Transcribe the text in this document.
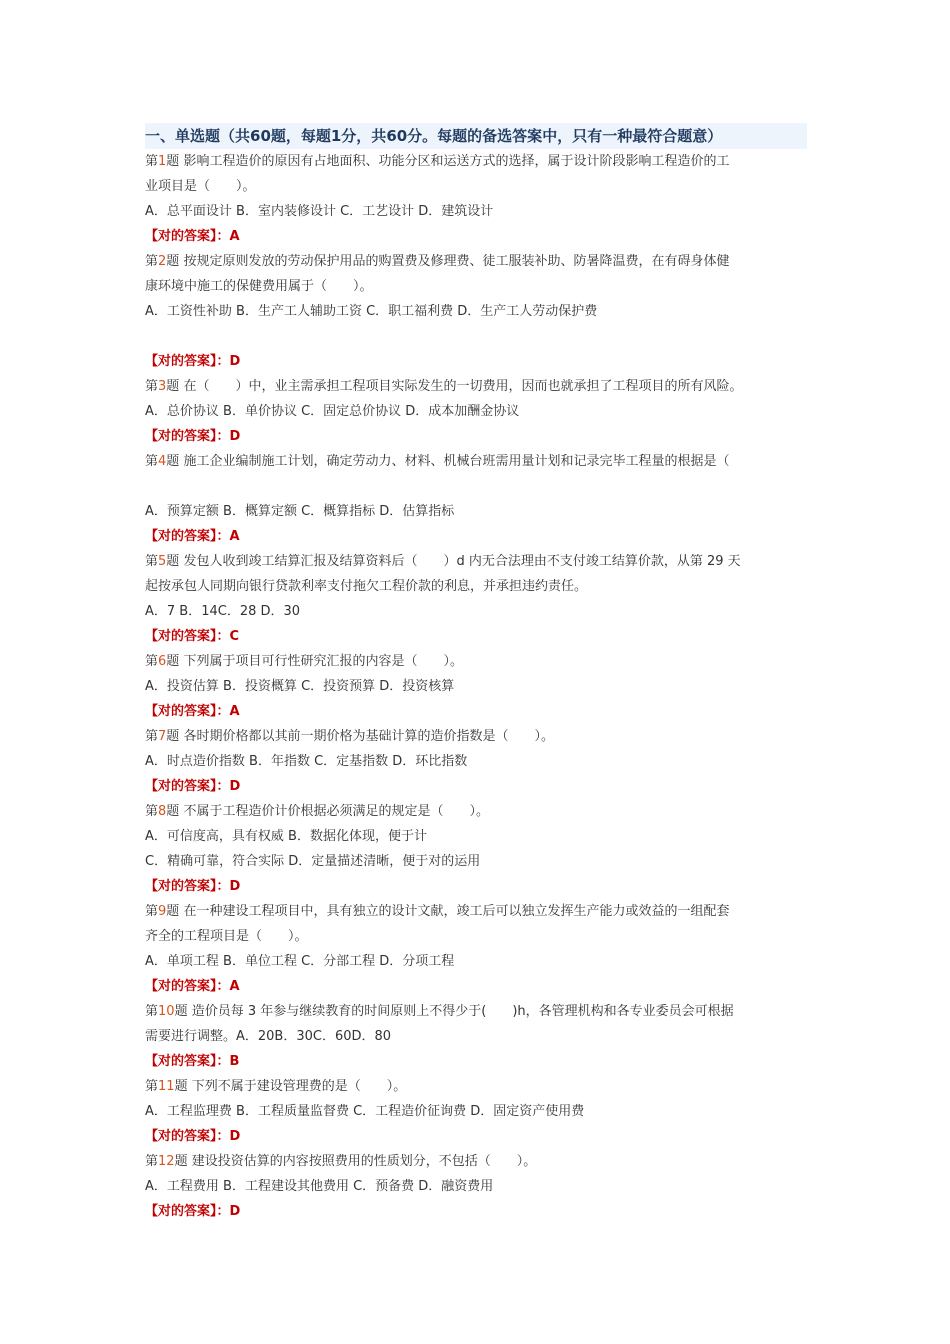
一、单选题（共60题，每题1分，共60分。每题的备选答案中，只有一种最符合题意）
第1题 影响工程造价的原因有占地面积、功能分区和运送方式的选择，属于设计阶段影响工程造价的工
业项目是（　　）。
A．总平面设计 B．室内装修设计 C．工艺设计 D．建筑设计
【对的答案】：A
第2题 按规定原则发放的劳动保护用品的购置费及修理费、徒工服装补助、防暑降温费，在有碍身体健
康环境中施工的保健费用属于（　　）。
A．工资性补助 B．生产工人辅助工资 C．职工福利费 D．生产工人劳动保护费
【对的答案】：D
第3题 在（　　）中，业主需承担工程项目实际发生的一切费用，因而也就承担了工程项目的所有风险。
A．总价协议 B．单价协议 C．固定总价协议 D．成本加酬金协议
【对的答案】：D
第4题 施工企业编制施工计划，确定劳动力、材料、机械台班需用量计划和记录完毕工程量的根据是（
A．预算定额 B．概算定额 C．概算指标 D．估算指标
【对的答案】：A
第5题 发包人收到竣工结算汇报及结算资料后（　　）d 内无合法理由不支付竣工结算价款，从第 29 天
起按承包人同期向银行贷款利率支付拖欠工程价款的利息，并承担违约责任。
A．7 B．14C．28 D．30
【对的答案】：C
第6题 下列属于项目可行性研究汇报的内容是（　　）。
A．投资估算 B．投资概算 C．投资预算 D．投资核算
【对的答案】：A
第7题 各时期价格都以其前一期价格为基础计算的造价指数是（　　）。
A．时点造价指数 B．年指数 C．定基指数 D．环比指数
【对的答案】：D
第8题 不属于工程造价计价根据必须满足的规定是（　　）。
A．可信度高，具有权威 B．数据化体现，便于计
C．精确可靠，符合实际 D．定量描述清晰，便于对的运用
【对的答案】：D
第9题 在一种建设工程项目中，具有独立的设计文献，竣工后可以独立发挥生产能力或效益的一组配套
齐全的工程项目是（　　）。
A．单项工程 B．单位工程 C．分部工程 D．分项工程
【对的答案】：A
第10题 造价员每 3 年参与继续教育的时间原则上不得少于(　　)h，各管理机构和各专业委员会可根据
需要进行调整。A．20B．30C．60D．80
【对的答案】：B
第11题 下列不属于建设管理费的是（　　）。
A．工程监理费 B．工程质量监督费 C．工程造价征询费 D．固定资产使用费
【对的答案】：D
第12题 建设投资估算的内容按照费用的性质划分，不包括（　　）。
A．工程费用 B．工程建设其他费用 C．预备费 D．融资费用
【对的答案】：D
